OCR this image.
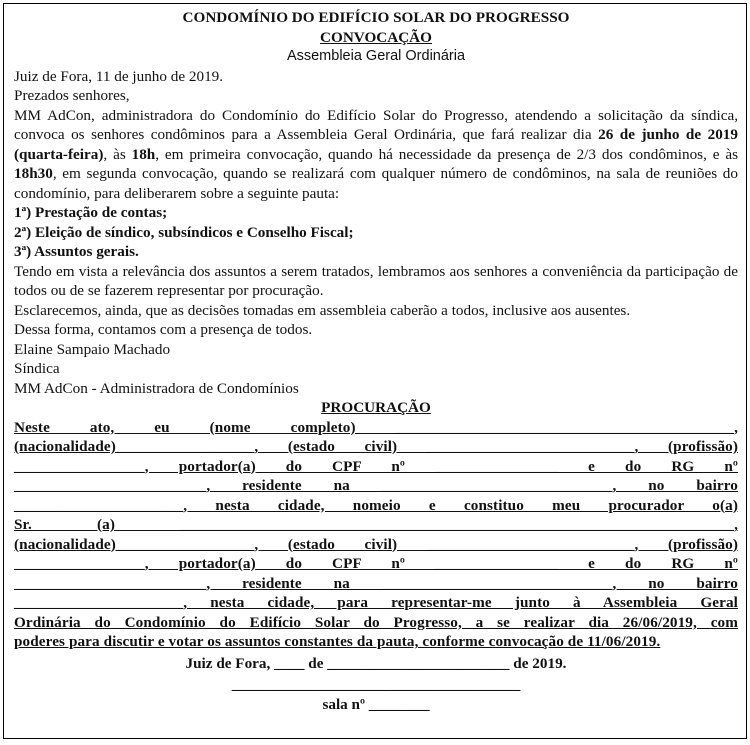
CONDOMÍNIO DO EDIFÍCIO SOLAR DO PROGRESSO
CONVOCAÇÃO
Assembleia Geral Ordinária
Juiz de Fora, 11 de junho de 2019.
Prezados senhores,
MM AdCon, administradora do Condomínio do Edifício Solar do Progresso, atendendo a solicitação da síndica, convoca os senhores condôminos para a Assembleia Geral Ordinária, que fará realizar dia 26 de junho de 2019 (quarta-feira), às 18h, em primeira convocação, quando há necessidade da presença de 2/3 dos condôminos, e às 18h30, em segunda convocação, quando se realizará com qualquer número de condôminos, na sala de reuniões do condomínio, para deliberarem sobre a seguinte pauta:
1ª) Prestação de contas;
2ª) Eleição de síndico, subsíndicos e Conselho Fiscal;
3ª) Assuntos gerais.
Tendo em vista a relevância dos assuntos a serem tratados, lembramos aos senhores a conveniência da participação de todos ou de se fazerem representar por procuração.
Esclarecemos, ainda, que as decisões tomadas em assembleia caberão a todos, inclusive aos ausentes.
Dessa forma, contamos com a presença de todos.
Elaine Sampaio Machado
Síndica
MM AdCon - Administradora de Condomínios
PROCURAÇÃO
Neste ato, eu (nome completo) ____________________________________________,
(nacionalidade)__________________, (estado civil) ___________________________, (profissão)
_________________, portador(a) do CPF nº ________________ e do RG nº
_________________________, residente na ______________________________, no bairro
______________________, nesta cidade, nomeio e constituo meu procurador o(a)
Sr. (a) ________________________________________________________________________,
(nacionalidade)__________________, (estado civil) ___________________________, (profissão)
_________________, portador(a) do CPF nº ________________ e do RG nº
_________________________, residente na ______________________________, no bairro
______________________, nesta cidade, para representar-me junto à Assembleia Geral
Ordinária do Condomínio do Edifício Solar do Progresso, a se realizar dia 26/06/2019, com
poderes para discutir e votar os assuntos constantes da pauta, conforme convocação de 11/06/2019.
Juiz de Fora, ____ de ________________________ de 2019.
______________________________________
sala nº ________
